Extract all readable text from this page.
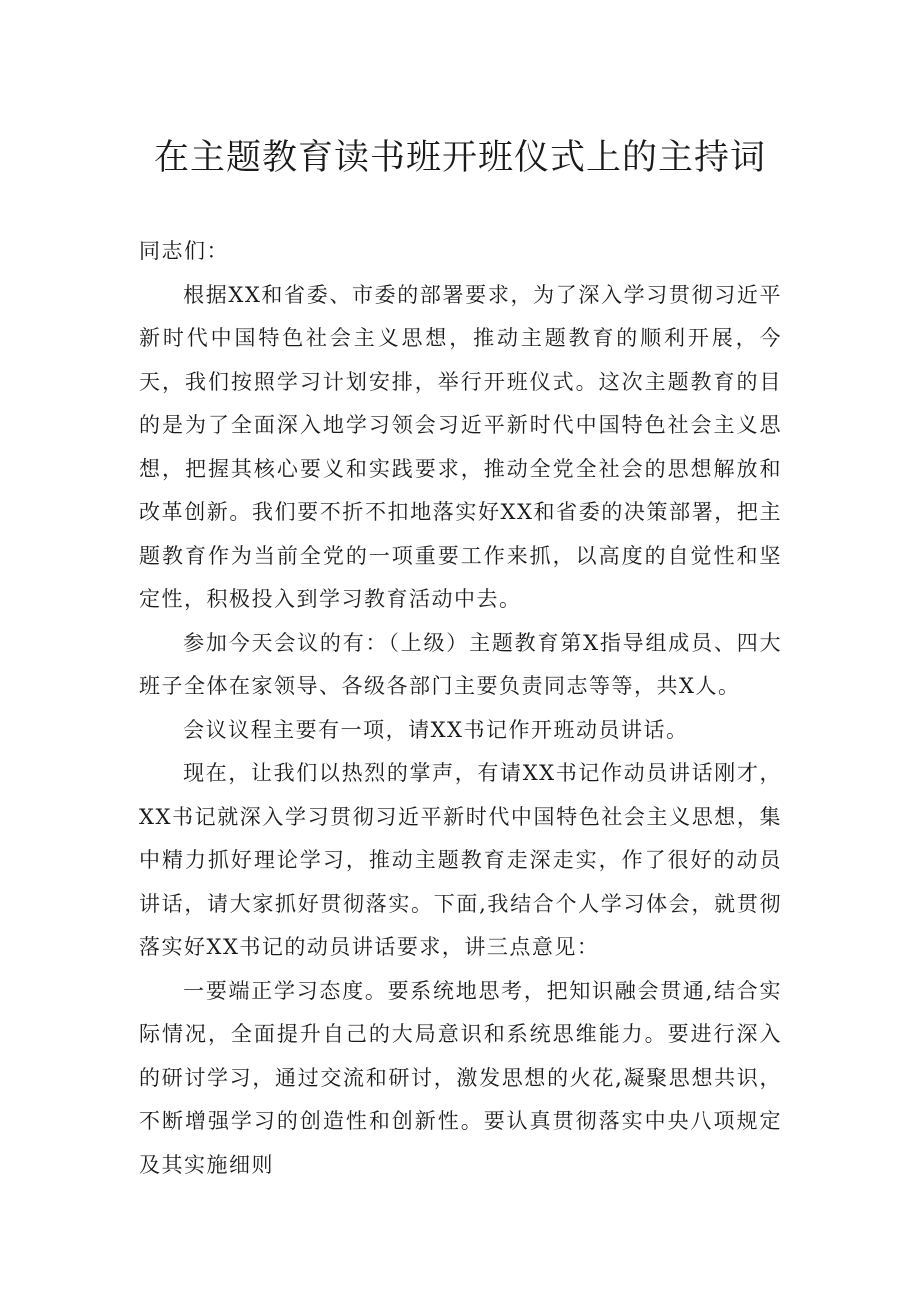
在主题教育读书班开班仪式上的主持词

同志们：

根据XX和省委、市委的部署要求，为了深入学习贯彻习近平新时代中国特色社会主义思想，推动主题教育的顺利开展，今天，我们按照学习计划安排，举行开班仪式。这次主题教育的目的是为了全面深入地学习领会习近平新时代中国特色社会主义思想，把握其核心要义和实践要求，推动全党全社会的思想解放和改革创新。我们要不折不扣地落实好XX和省委的决策部署，把主题教育作为当前全党的一项重要工作来抓，以高度的自觉性和坚定性，积极投入到学习教育活动中去。

参加今天会议的有：（上级）主题教育第X指导组成员、四大班子全体在家领导、各级各部门主要负责同志等等，共X人。

会议议程主要有一项，请XX书记作开班动员讲话。

现在，让我们以热烈的掌声，有请XX书记作动员讲话刚才，XX书记就深入学习贯彻习近平新时代中国特色社会主义思想，集中精力抓好理论学习，推动主题教育走深走实，作了很好的动员讲话，请大家抓好贯彻落实。下面,我结合个人学习体会，就贯彻落实好XX书记的动员讲话要求，讲三点意见：

一要端正学习态度。要系统地思考，把知识融会贯通,结合实际情况，全面提升自己的大局意识和系统思维能力。要进行深入的研讨学习，通过交流和研讨，激发思想的火花,凝聚思想共识，不断增强学习的创造性和创新性。要认真贯彻落实中央八项规定及其实施细则
